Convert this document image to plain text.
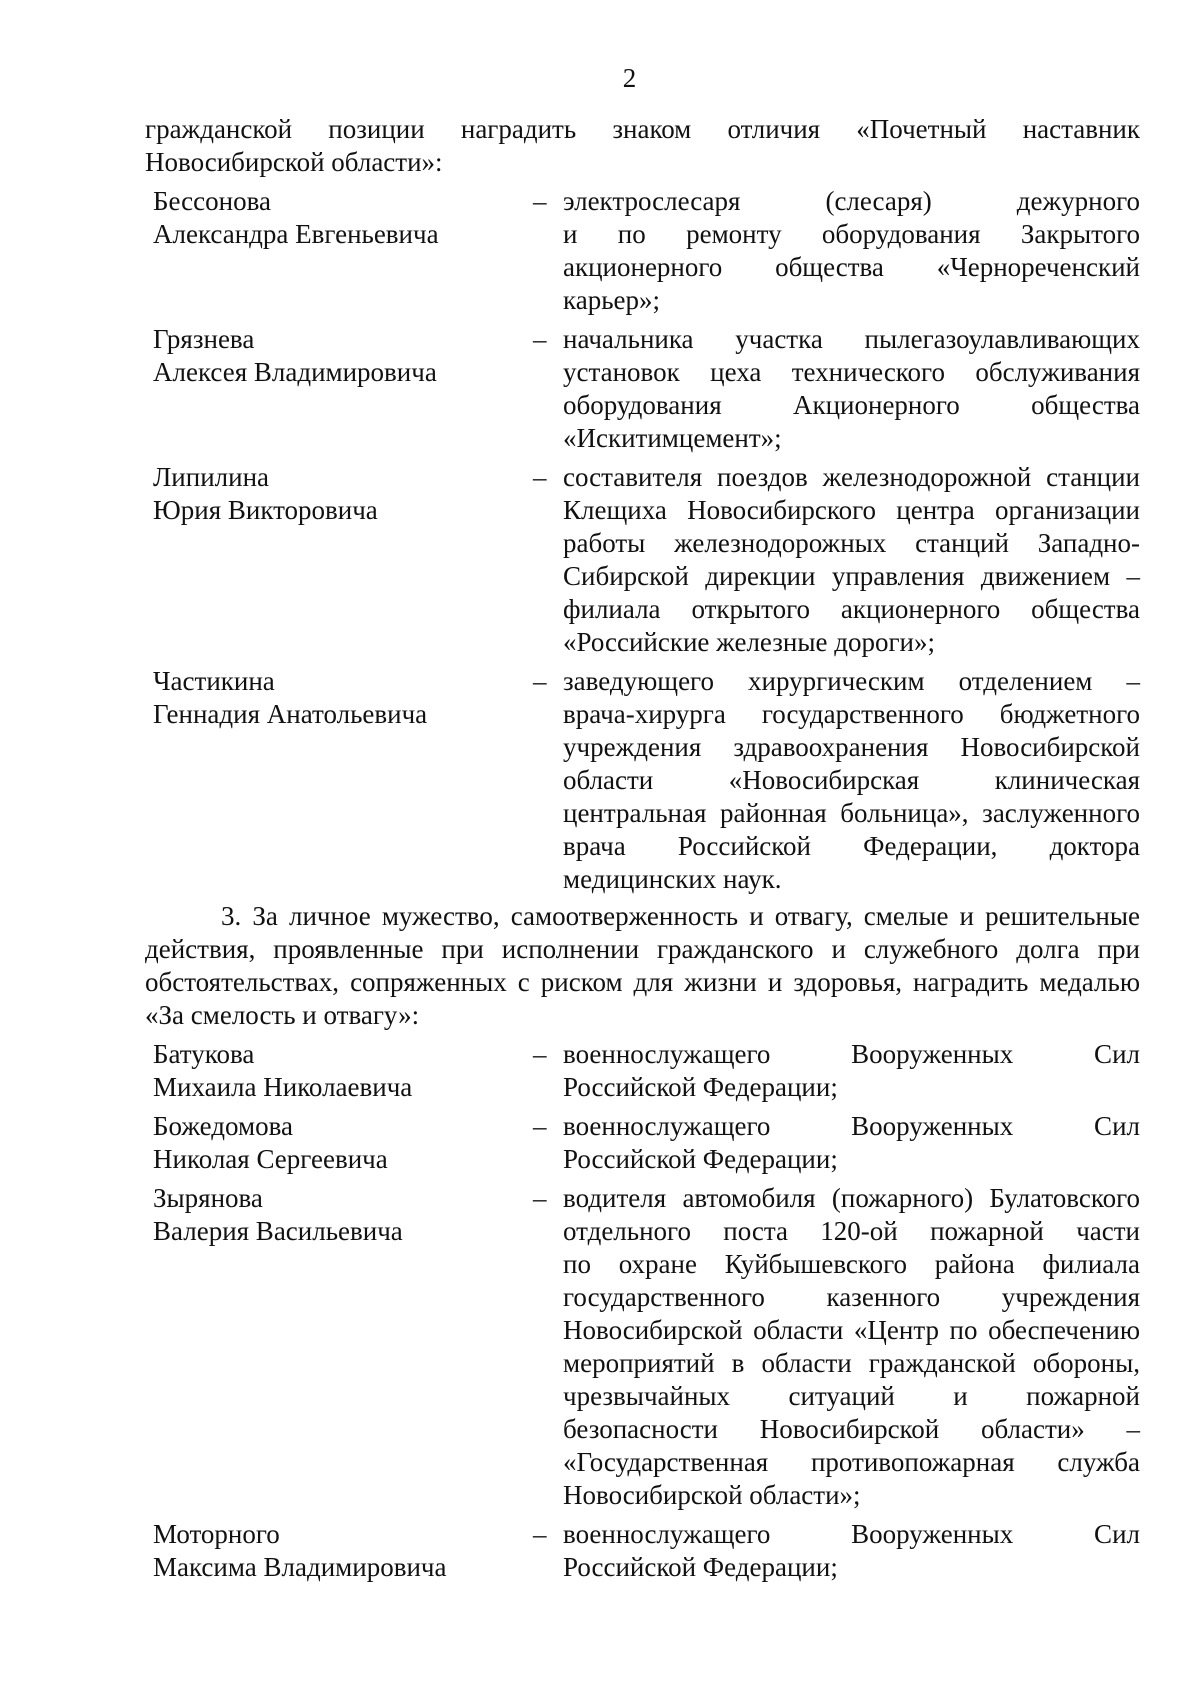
2
гражданской позиции наградить знаком отличия «Почетный наставник
Новосибирской области»:
Бессонова
Александра Евгеньевича
– электрослесаря (слесаря) дежурного
и по ремонту оборудования Закрытого
акционерного общества «Чернореченский
карьер»;
Грязнева
Алексея Владимировича
– начальника участка пылегазоулавливающих
установок цеха технического обслуживания
оборудования Акционерного общества
«Искитимцемент»;
Липилина
Юрия Викторовича
– составителя поездов железнодорожной станции
Клещиха Новосибирского центра организации
работы железнодорожных станций Западно-
Сибирской дирекции управления движением –
филиала открытого акционерного общества
«Российские железные дороги»;
Частикина
Геннадия Анатольевича
– заведующего хирургическим отделением –
врача-хирурга государственного бюджетного
учреждения здравоохранения Новосибирской
области «Новосибирская клиническая
центральная районная больница», заслуженного
врача Российской Федерации, доктора
медицинских наук.
3. За личное мужество, самоотверженность и отвагу, смелые и решительные
действия, проявленные при исполнении гражданского и служебного долга при
обстоятельствах, сопряженных с риском для жизни и здоровья, наградить медалью
«За смелость и отвагу»:
Батукова
Михаила Николаевича
– военнослужащего Вооруженных Сил
Российской Федерации;
Божедомова
Николая Сергеевича
– военнослужащего Вооруженных Сил
Российской Федерации;
Зырянова
Валерия Васильевича
– водителя автомобиля (пожарного) Булатовского
отдельного поста 120-ой пожарной части
по охране Куйбышевского района филиала
государственного казенного учреждения
Новосибирской области «Центр по обеспечению
мероприятий в области гражданской обороны,
чрезвычайных ситуаций и пожарной
безопасности Новосибирской области» –
«Государственная противопожарная служба
Новосибирской области»;
Моторного
Максима Владимировича
– военнослужащего Вооруженных Сил
Российской Федерации;
